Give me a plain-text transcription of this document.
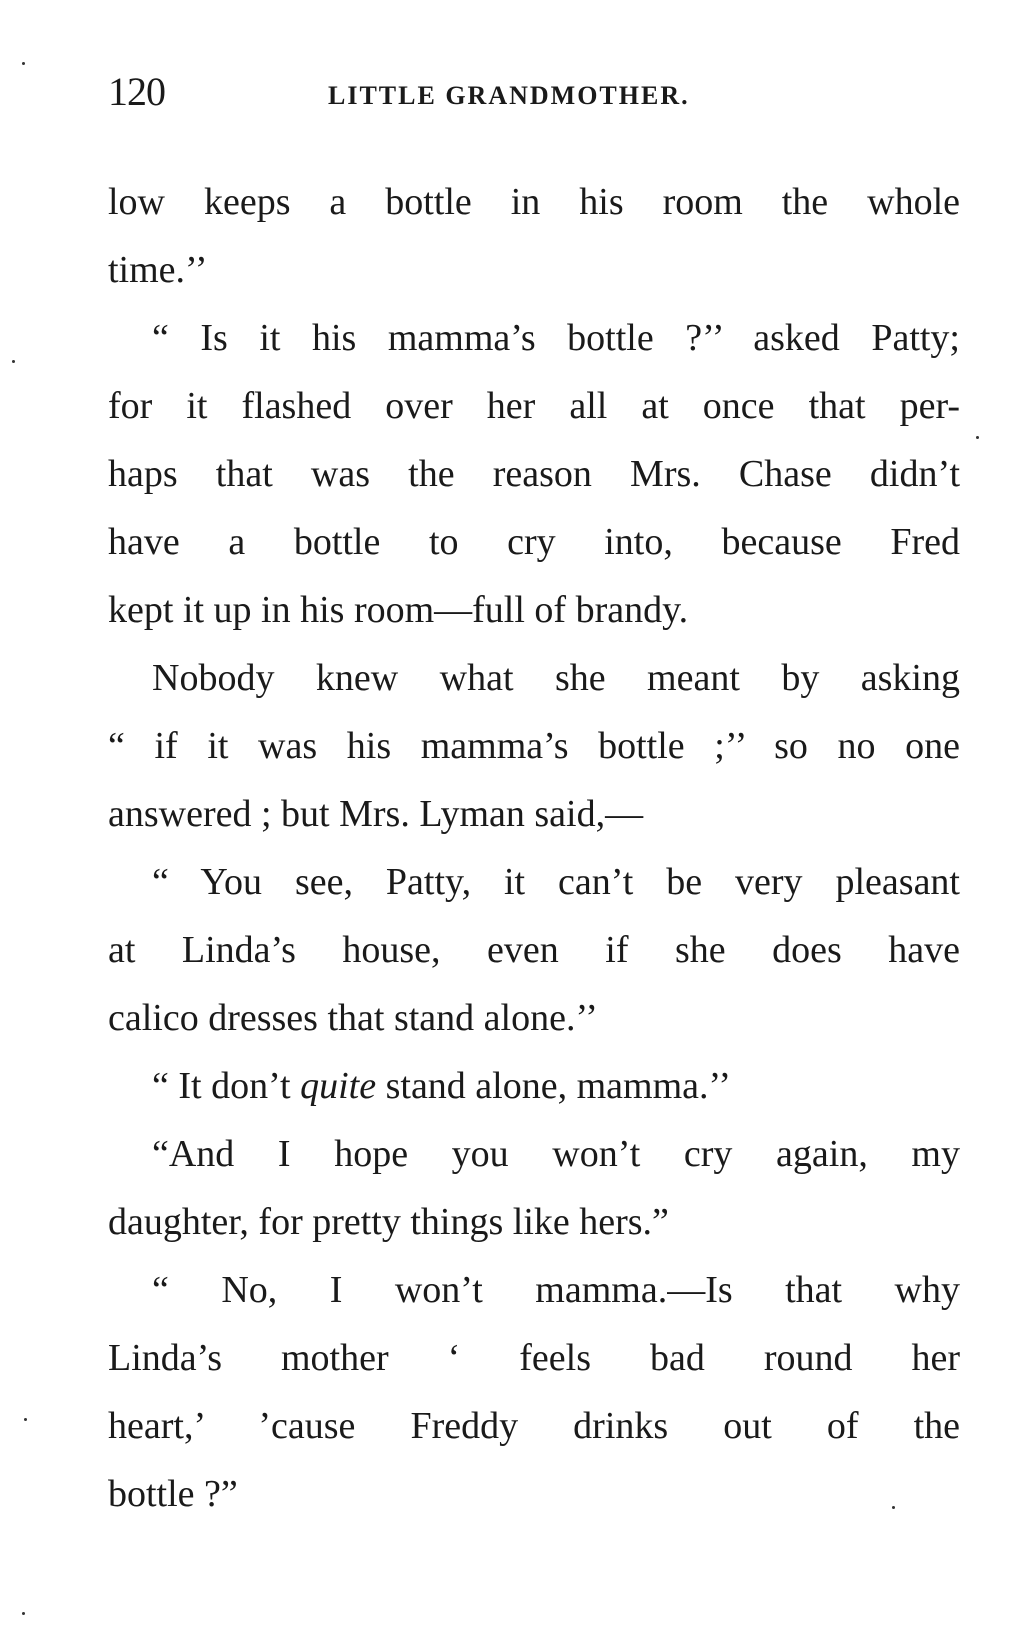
120	LITTLE GRANDMOTHER.
low keeps a bottle in his room the whole
time.’’
“ Is it his mamma’s bottle ?’’ asked Patty;
for it flashed over her all at once that per-
haps that was the reason Mrs. Chase didn’t
have a bottle to cry into, because Fred
kept it up in his room—full of brandy.
Nobody knew what she meant by asking
“ if it was his mamma’s bottle ;’’ so no one
answered ; but Mrs. Lyman said,—
“ You see, Patty, it can’t be very pleasant
at Linda’s house, even if she does have
calico dresses that stand alone.’’
“ It don’t quite stand alone, mamma.’’
“And I hope you won’t cry again, my
daughter, for pretty things like hers.”
“ No, I won’t mamma.—Is that why
Linda’s mother ‘ feels bad round her
heart,’ ’cause Freddy drinks out of the
bottle ?”
